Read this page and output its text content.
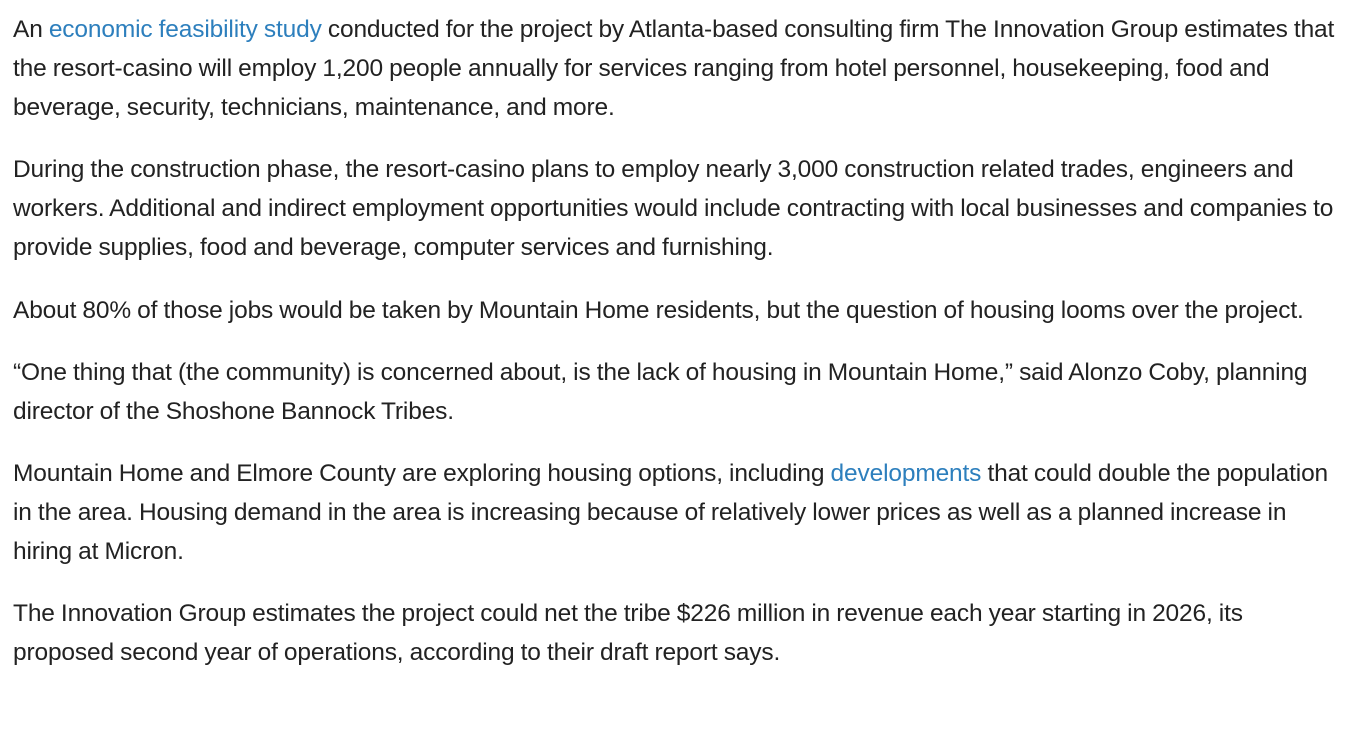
An economic feasibility study conducted for the project by Atlanta-based consulting firm The Innovation Group estimates that the resort-casino will employ 1,200 people annually for services ranging from hotel personnel, housekeeping, food and beverage, security, technicians, maintenance, and more.

During the construction phase, the resort-casino plans to employ nearly 3,000 construction related trades, engineers and workers. Additional and indirect employment opportunities would include contracting with local businesses and companies to provide supplies, food and beverage, computer services and furnishing.

About 80% of those jobs would be taken by Mountain Home residents, but the question of housing looms over the project.

“One thing that (the community) is concerned about, is the lack of housing in Mountain Home,” said Alonzo Coby, planning director of the Shoshone Bannock Tribes.

Mountain Home and Elmore County are exploring housing options, including developments that could double the population in the area. Housing demand in the area is increasing because of relatively lower prices as well as a planned increase in hiring at Micron.

The Innovation Group estimates the project could net the tribe $226 million in revenue each year starting in 2026, its proposed second year of operations, according to their draft report says.
